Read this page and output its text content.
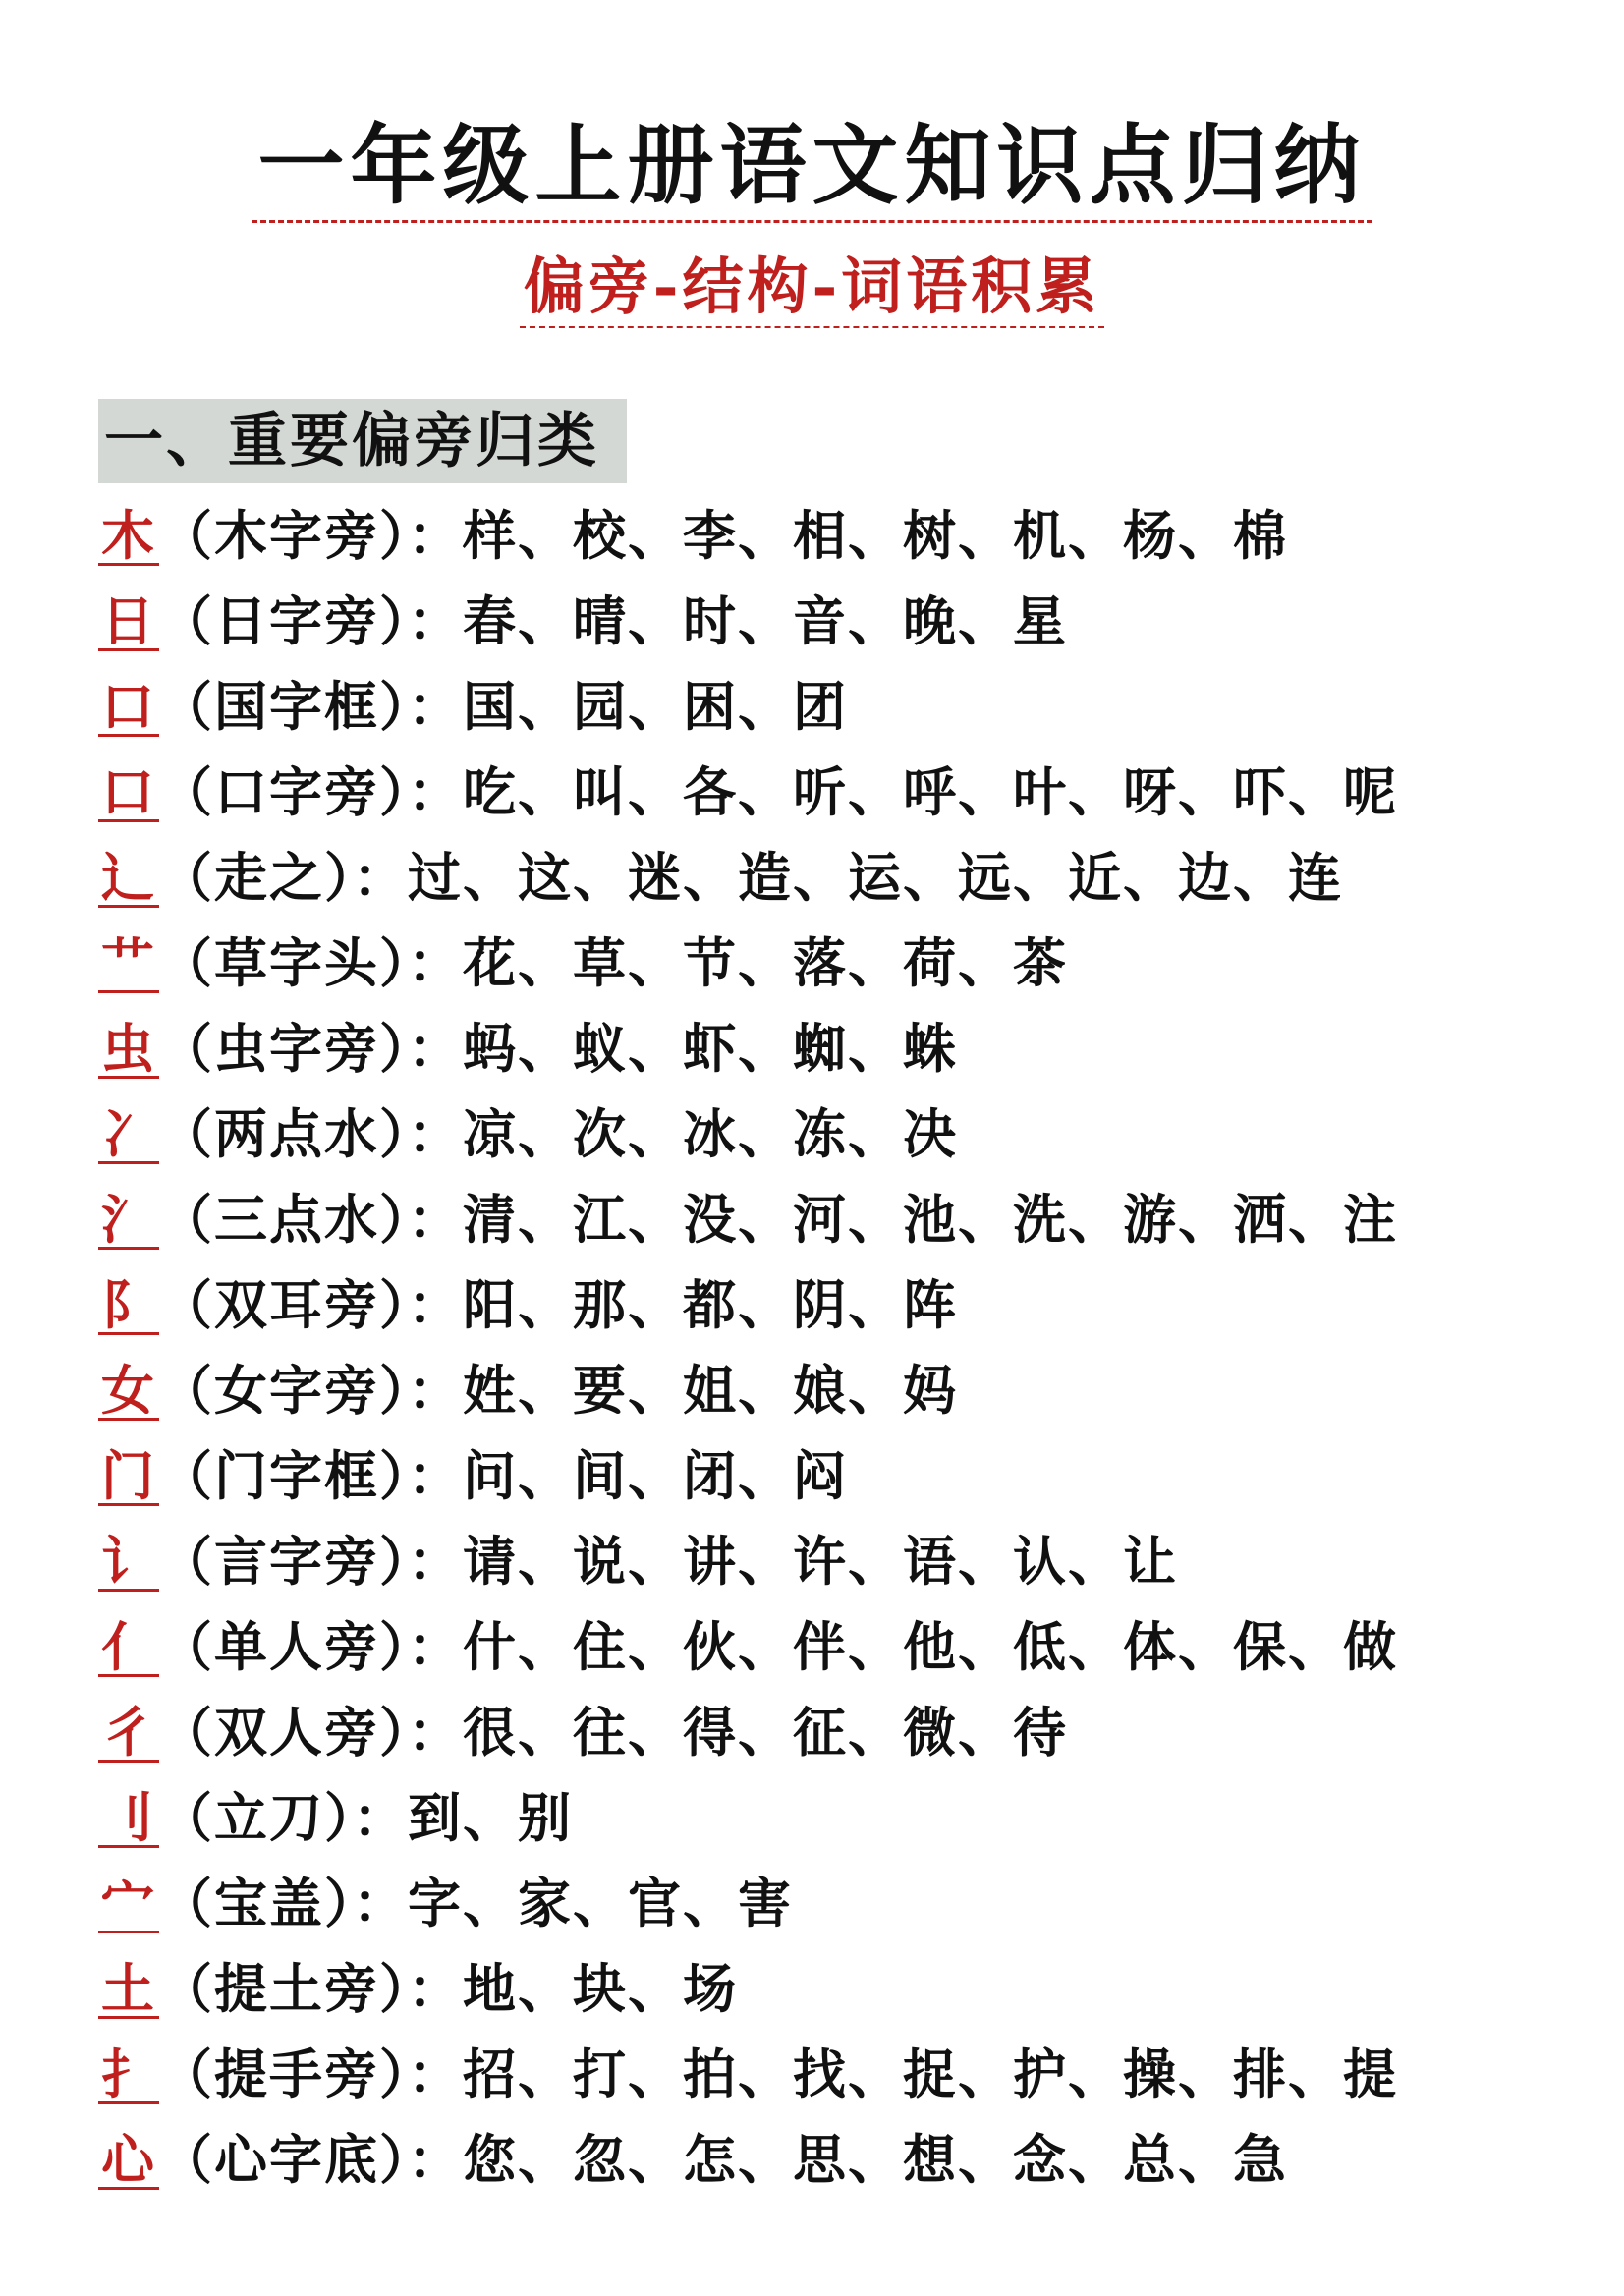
一年级上册语文知识点归纳
偏旁-结构-词语积累
一、重要偏旁归类
木（木字旁）：样、校、李、相、树、机、杨、棉
日（日字旁）：春、晴、时、音、晚、星
口（国字框）：国、园、困、团
口（口字旁）：吃、叫、各、听、呼、叶、呀、吓、呢
辶（走之）：过、这、迷、造、运、远、近、边、连
艹（草字头）：花、草、节、落、荷、茶
虫（虫字旁）：蚂、蚁、虾、蜘、蛛
冫（两点水）：凉、次、冰、冻、决
氵（三点水）：清、江、没、河、池、洗、游、洒、注
阝（双耳旁）：阳、那、都、阴、阵
女（女字旁）：姓、要、姐、娘、妈
门（门字框）：问、间、闭、闷
讠（言字旁）：请、说、讲、许、语、认、让
亻（单人旁）：什、住、伙、伴、他、低、体、保、做
彳（双人旁）：很、往、得、征、微、待
刂（立刀）：到、别
宀（宝盖）：字、家、官、害
土（提土旁）：地、块、场
扌（提手旁）：招、打、拍、找、捉、护、操、排、提
心（心字底）：您、忽、怎、思、想、念、总、急
